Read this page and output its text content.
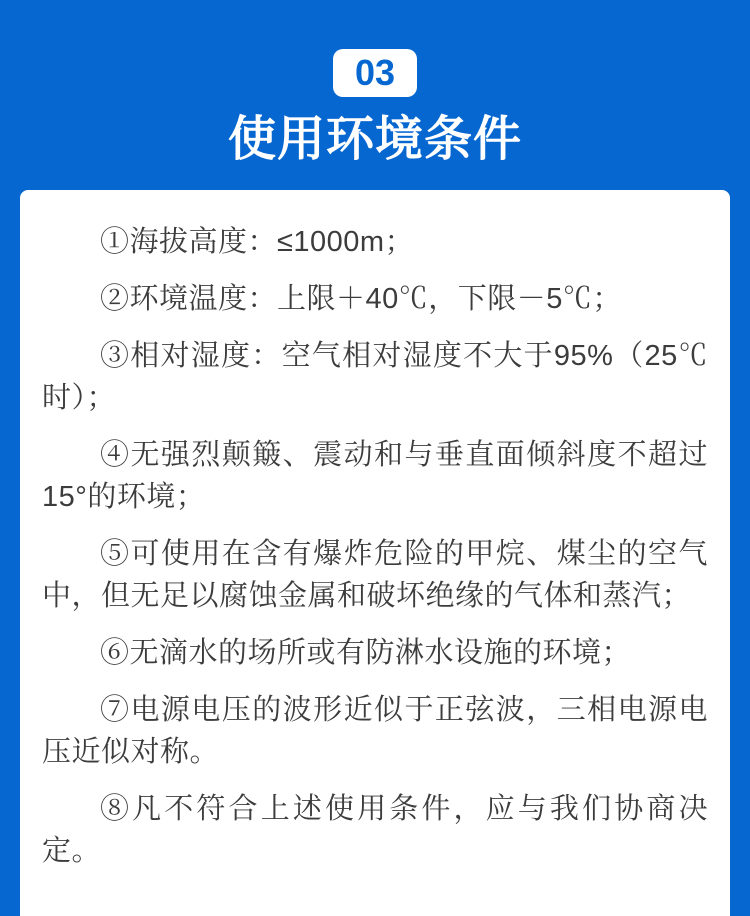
03
使用环境条件

①海拔高度：≤1000m；

②环境温度：上限＋40℃，下限－5℃；

③相对湿度：空气相对湿度不大于95%（25℃时）；

④无强烈颠簸、震动和与垂直面倾斜度不超过15°的环境；

⑤可使用在含有爆炸危险的甲烷、煤尘的空气中，但无足以腐蚀金属和破坏绝缘的气体和蒸汽；

⑥无滴水的场所或有防淋水设施的环境；

⑦电源电压的波形近似于正弦波，三相电源电压近似对称。

⑧凡不符合上述使用条件，应与我们协商决定。
